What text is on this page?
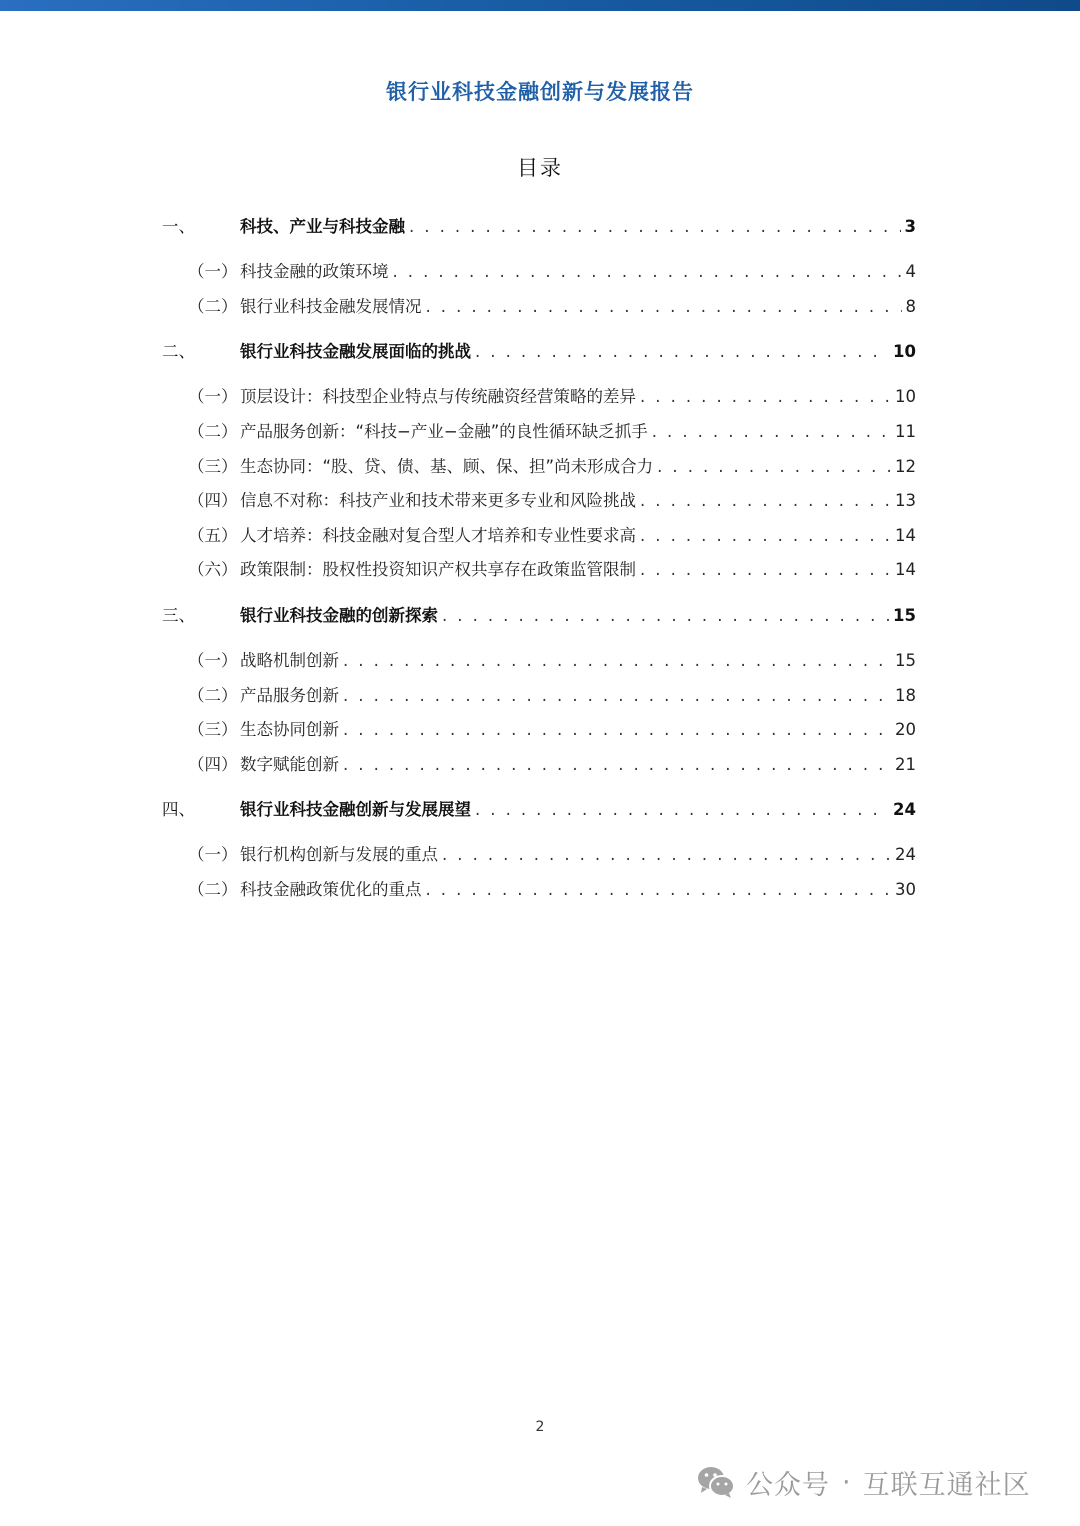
银行业科技金融创新与发展报告
目录
一、	科技、产业与科技金融 . . .	3
（一） 科技金融的政策环境 . . .	4
（二） 银行业科技金融发展情况 . . .	8
二、	银行业科技金融发展面临的挑战 . . .	10
（一） 顶层设计：科技型企业特点与传统融资经营策略的差异 . . .	10
（二） 产品服务创新：“科技−产业−金融”的良性循环缺乏抓手 . . .	11
（三） 生态协同：“股、贷、债、基、顾、保、担”尚未形成合力 . . .	12
（四） 信息不对称：科技产业和技术带来更多专业和风险挑战 . . .	13
（五） 人才培养：科技金融对复合型人才培养和专业性要求高 . . .	14
（六） 政策限制：股权性投资知识产权共享存在政策监管限制 . . .	14
三、	银行业科技金融的创新探索 . . .	15
（一） 战略机制创新 . . .	15
（二） 产品服务创新 . . .	18
（三） 生态协同创新 . . .	20
（四） 数字赋能创新 . . .	21
四、	银行业科技金融创新与发展展望 . . .	24
（一） 银行机构创新与发展的重点 . . .	24
（二） 科技金融政策优化的重点 . . .	30
2
公众号 · 互联互通社区
